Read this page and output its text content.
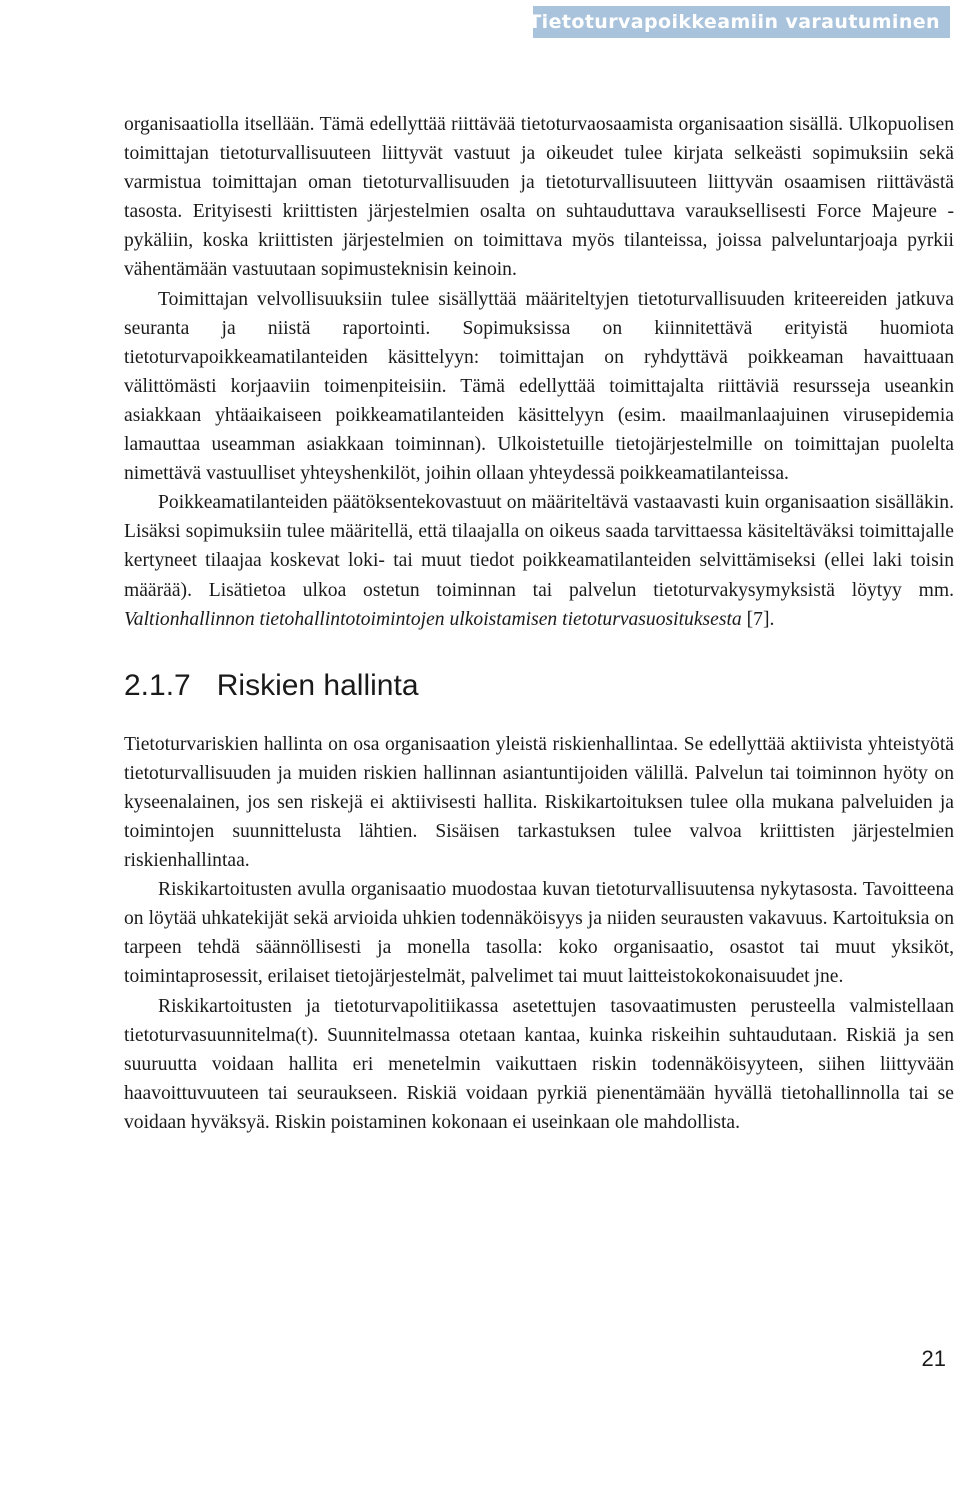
2 Tietoturvapoikkeamiin varautuminen

organisaatiolla itsellään. Tämä edellyttää riittävää tietoturvaosaamista organisaation sisällä. Ulkopuolisen toimittajan tietoturvallisuuteen liittyvät vastuut ja oikeudet tulee kirjata selkeästi sopimuksiin sekä varmistua toimittajan oman tietoturvallisuuden ja tietoturvallisuuteen liittyvän osaamisen riittävästä tasosta. Erityisesti kriittisten järjestelmien osalta on suhtauduttava varauksellisesti Force Majeure -pykäliin, koska kriittisten järjestelmien on toimittava myös tilanteissa, joissa palveluntarjoaja pyrkii vähentämään vastuutaan sopimusteknisin keinoin.

Toimittajan velvollisuuksiin tulee sisällyttää määriteltyjen tietoturvallisuuden kriteereiden jatkuva seuranta ja niistä raportointi. Sopimuksissa on kiinnitettävä erityistä huomiota tietoturvapoikkeamatilanteiden käsittelyyn: toimittajan on ryhdyttävä poikkeaman havaittuaan välittömästi korjaaviin toimenpiteisiin. Tämä edellyttää toimittajalta riittäviä resursseja useankin asiakkaan yhtäaikaiseen poikkeamatilanteiden käsittelyyn (esim. maailmanlaajuinen virusepidemia lamauttaa useamman asiakkaan toiminnan). Ulkoistetuille tietojärjestelmille on toimittajan puolelta nimettävä vastuulliset yhteyshenkilöt, joihin ollaan yhteydessä poikkeamatilanteissa.

Poikkeamatilanteiden päätöksentekovastuut on määriteltävä vastaavasti kuin organisaation sisälläkin. Lisäksi sopimuksiin tulee määritellä, että tilaajalla on oikeus saada tarvittaessa käsiteltäväksi toimittajalle kertyneet tilaajaa koskevat loki- tai muut tiedot poikkeamatilanteiden selvittämiseksi (ellei laki toisin määrää). Lisätietoa ulkoa ostetun toiminnan tai palvelun tietoturvakysymyksistä löytyy mm. Valtionhallinnon tietohallintotoimintojen ulkoistamisen tietoturvasuosituksesta [7].

2.1.7 Riskien hallinta

Tietoturvariskien hallinta on osa organisaation yleistä riskienhallintaa. Se edellyttää aktiivista yhteistyötä tietoturvallisuuden ja muiden riskien hallinnan asiantuntijoiden välillä. Palvelun tai toiminnon hyöty on kyseenalainen, jos sen riskejä ei aktiivisesti hallita. Riskikartoituksen tulee olla mukana palveluiden ja toimintojen suunnittelusta lähtien. Sisäisen tarkastuksen tulee valvoa kriittisten järjestelmien riskienhallintaa.

Riskikartoitusten avulla organisaatio muodostaa kuvan tietoturvallisuutensa nykytasosta. Tavoitteena on löytää uhkatekijät sekä arvioida uhkien todennäköisyys ja niiden seurausten vakavuus. Kartoituksia on tarpeen tehdä säännöllisesti ja monella tasolla: koko organisaatio, osastot tai muut yksiköt, toimintaprosessit, erilaiset tietojärjestelmät, palvelimet tai muut laitteistokokonaisuudet jne.

Riskikartoitusten ja tietoturvapolitiikassa asetettujen tasovaatimusten perusteella valmistellaan tietoturvasuunnitelma(t). Suunnitelmassa otetaan kantaa, kuinka riskeihin suhtaudutaan. Riskiä ja sen suuruutta voidaan hallita eri menetelmin vaikuttaen riskin todennäköisyyteen, siihen liittyvään haavoittuvuuteen tai seuraukseen. Riskiä voidaan pyrkiä pienentämään hyvällä tietohallinnolla tai se voidaan hyväksyä. Riskin poistaminen kokonaan ei useinkaan ole mahdollista.

21
